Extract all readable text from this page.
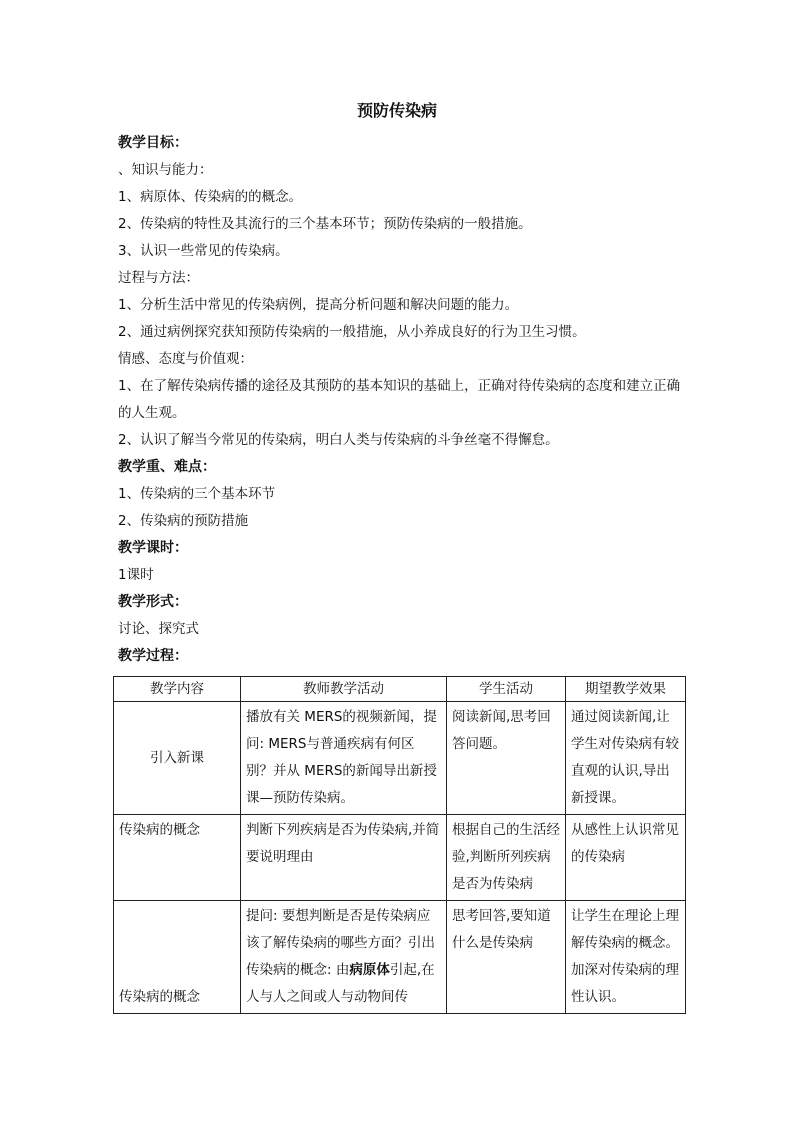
预防传染病
教学目标：
、知识与能力：
1、病原体、传染病的的概念。
2、传染病的特性及其流行的三个基本环节；预防传染病的一般措施。
3、认识一些常见的传染病。
过程与方法：
1、分析生活中常见的传染病例，提高分析问题和解决问题的能力。
2、通过病例探究获知预防传染病的一般措施，从小养成良好的行为卫生习惯。
情感、态度与价值观：
1、在了解传染病传播的途径及其预防的基本知识的基础上，正确对待传染病的态度和建立正确的人生观。
2、认识了解当今常见的传染病，明白人类与传染病的斗争丝毫不得懈怠。
教学重、难点：
1、传染病的三个基本环节
2、传染病的预防措施
教学课时：
1课时
教学形式：
讨论、探究式
教学过程：
教学内容	教师教学活动	学生活动	期望教学效果
引入新课	播放有关 MERS的视频新闻，提问: MERS与普通疾病有何区别？并从 MERS的新闻导出新授课—预防传染病。	阅读新闻,思考回答问题。	通过阅读新闻,让学生对传染病有较直观的认识,导出新授课。
传染病的概念	判断下列疾病是否为传染病,并简要说明理由	根据自己的生活经验,判断所列疾病是否为传染病	从感性上认识常见的传染病
传染病的概念	提问: 要想判断是否是传染病应该了解传染病的哪些方面？引出传染病的概念: 由病原体引起,在人与人之间或人与动物间传	思考回答,要知道什么是传染病	让学生在理论上理解传染病的概念。加深对传染病的理性认识。
